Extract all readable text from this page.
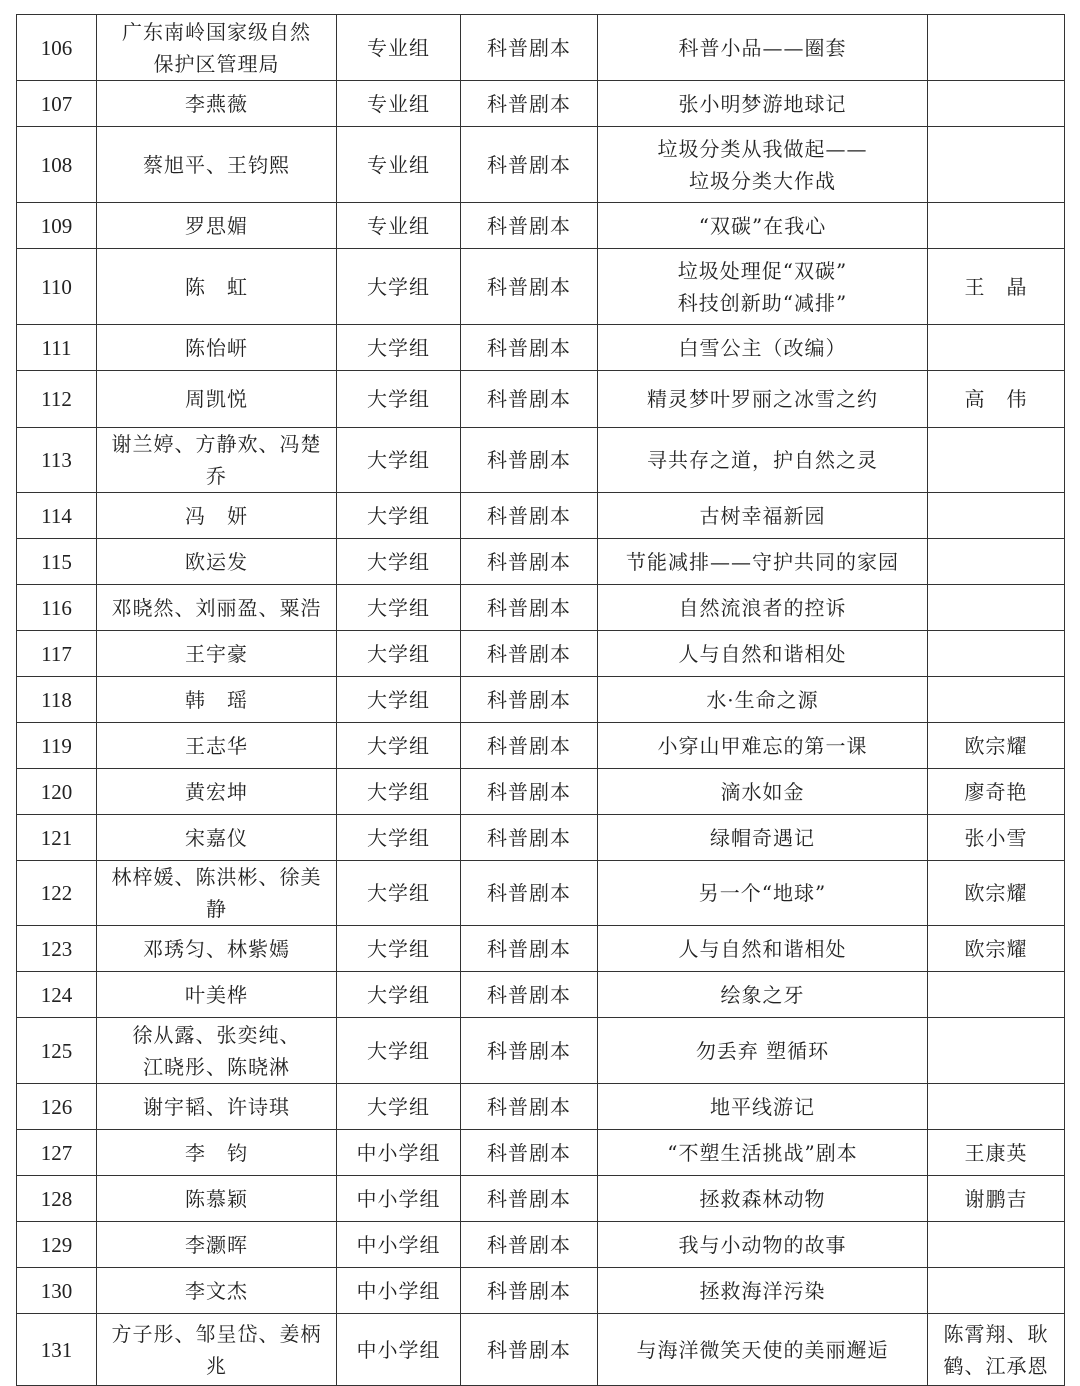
106	广东南岭国家级自然
保护区管理局	专业组	科普剧本	科普小品——圈套	
107	李燕薇	专业组	科普剧本	张小明梦游地球记	
108	蔡旭平、王钧熙	专业组	科普剧本	垃圾分类从我做起——
垃圾分类大作战	
109	罗思媚	专业组	科普剧本	“双碳”在我心	
110	陈　虹	大学组	科普剧本	垃圾处理促“双碳”
科技创新助“减排”	王　晶
111	陈怡岍	大学组	科普剧本	白雪公主（改编）	
112	周凯悦	大学组	科普剧本	精灵梦叶罗丽之冰雪之约	高　伟
113	谢兰婷、方静欢、冯楚乔	大学组	科普剧本	寻共存之道，护自然之灵	
114	冯　妍	大学组	科普剧本	古树幸福新园	
115	欧运发	大学组	科普剧本	节能减排——守护共同的家园	
116	邓晓然、刘丽盈、粟浩	大学组	科普剧本	自然流浪者的控诉	
117	王宇豪	大学组	科普剧本	人与自然和谐相处	
118	韩　瑶	大学组	科普剧本	水·生命之源	
119	王志华	大学组	科普剧本	小穿山甲难忘的第一课	欧宗耀
120	黄宏坤	大学组	科普剧本	滴水如金	廖奇艳
121	宋嘉仪	大学组	科普剧本	绿帽奇遇记	张小雪
122	林梓媛、陈洪彬、徐美静	大学组	科普剧本	另一个“地球”	欧宗耀
123	邓琇匀、林紫嫣	大学组	科普剧本	人与自然和谐相处	欧宗耀
124	叶美桦	大学组	科普剧本	绘象之牙	
125	徐从露、张奕纯、
江晓彤、陈晓淋	大学组	科普剧本	勿丢弃 塑循环	
126	谢宇韬、许诗琪	大学组	科普剧本	地平线游记	
127	李　钧	中小学组	科普剧本	“不塑生活挑战”剧本	王康英
128	陈慕颖	中小学组	科普剧本	拯救森林动物	谢鹏吉
129	李灏晖	中小学组	科普剧本	我与小动物的故事	
130	李文杰	中小学组	科普剧本	拯救海洋污染	
131	方子彤、邹呈岱、姜柄兆	中小学组	科普剧本	与海洋微笑天使的美丽邂逅	陈霄翔、耿
鹤、江承恩
